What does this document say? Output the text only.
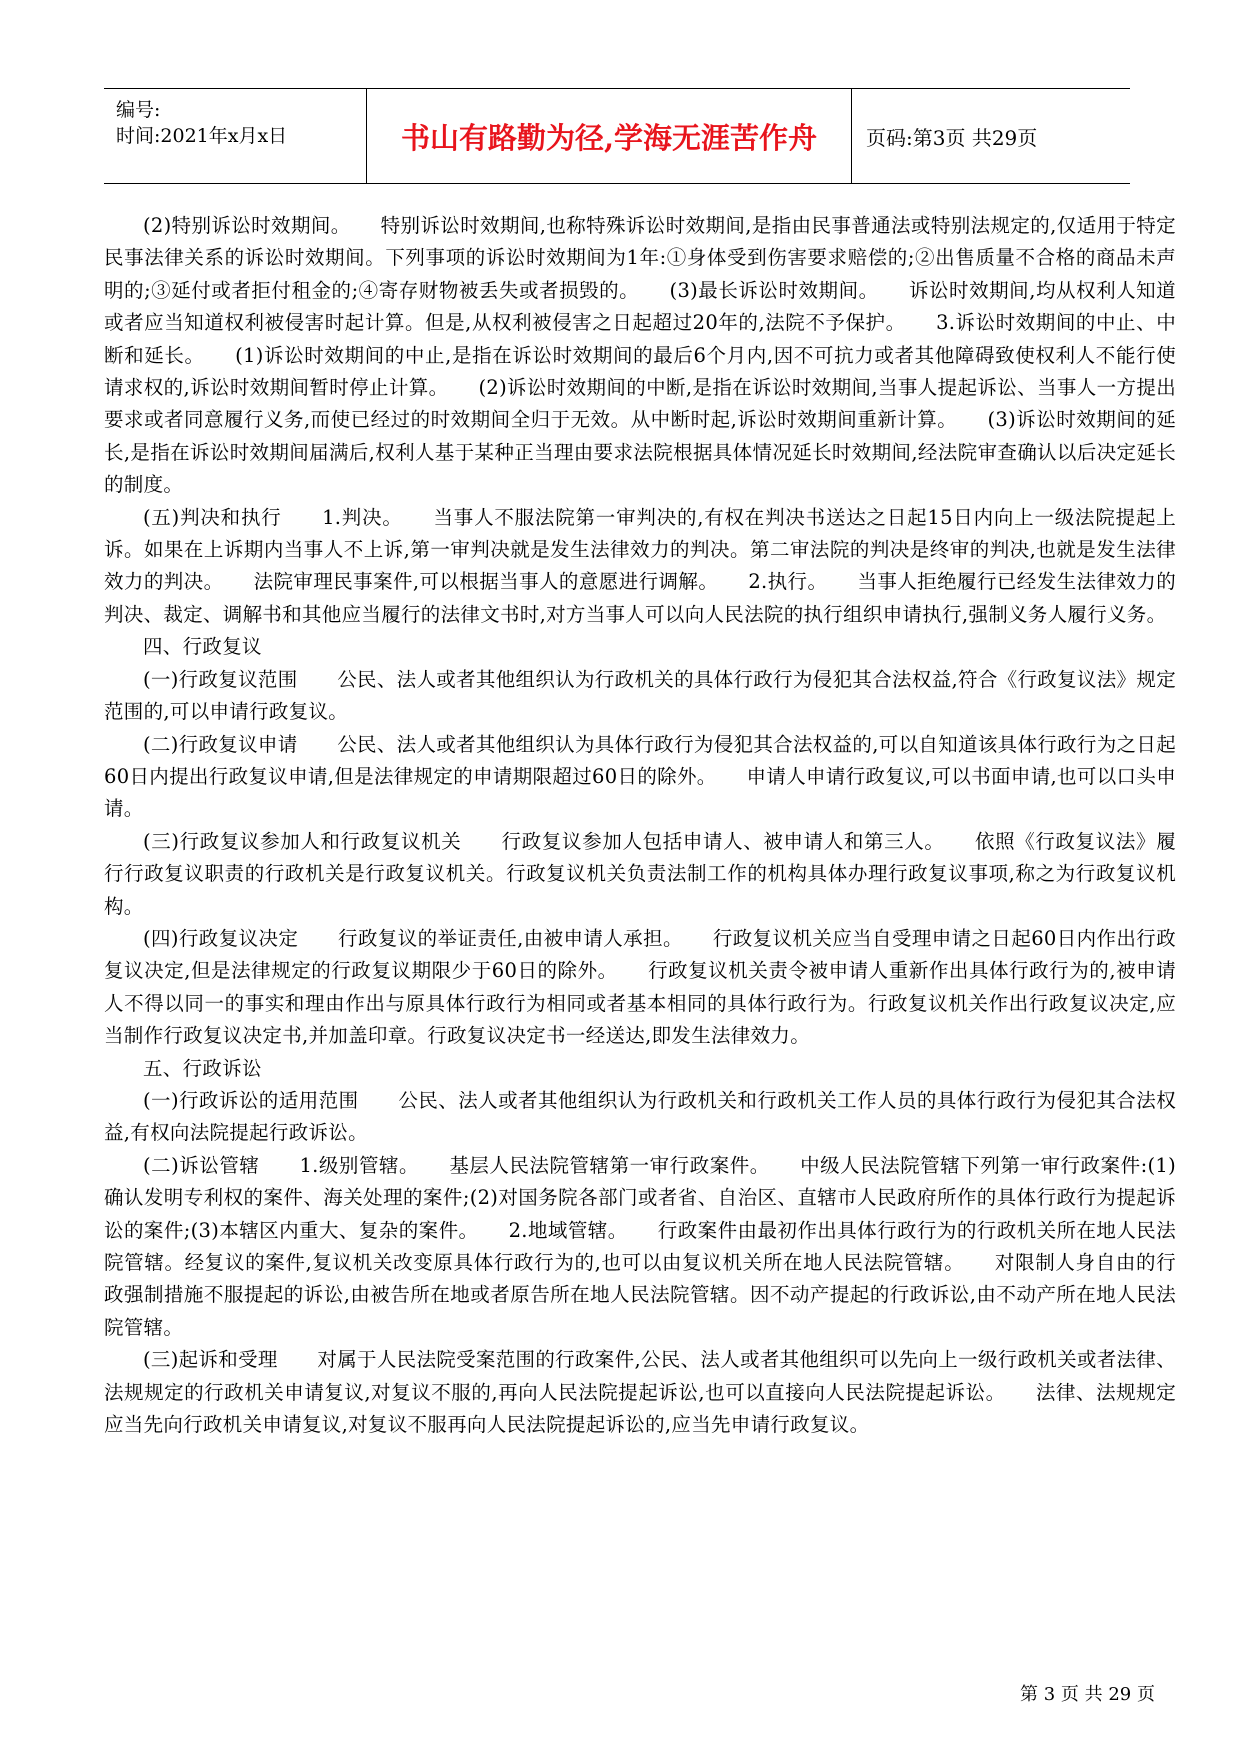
编号:
时间:2021年x月x日	书山有路勤为径,学海无涯苦作舟 页码:第3页 共29页

(2)特别诉讼时效期间。　　特别诉讼时效期间,也称特殊诉讼时效期间,是指由民事普通法或特别法规定的,仅适用于特定民事法律关系的诉讼时效期间。下列事项的诉讼时效期间为1年:①身体受到伤害要求赔偿的;②出售质量不合格的商品未声明的;③延付或者拒付租金的;④寄存财物被丢失或者损毁的。　　(3)最长诉讼时效期间。　　诉讼时效期间,均从权利人知道或者应当知道权利被侵害时起计算。但是,从权利被侵害之日起超过20年的,法院不予保护。　　3.诉讼时效期间的中止、中断和延长。　　(1)诉讼时效期间的中止,是指在诉讼时效期间的最后6个月内,因不可抗力或者其他障碍致使权利人不能行使请求权的,诉讼时效期间暂时停止计算。　　(2)诉讼时效期间的中断,是指在诉讼时效期间,当事人提起诉讼、当事人一方提出要求或者同意履行义务,而使已经过的时效期间全归于无效。从中断时起,诉讼时效期间重新计算。　　(3)诉讼时效期间的延长,是指在诉讼时效期间届满后,权利人基于某种正当理由要求法院根据具体情况延长时效期间,经法院审查确认以后决定延长的制度。

(五)判决和执行　　1.判决。　　当事人不服法院第一审判决的,有权在判决书送达之日起15日内向上一级法院提起上诉。如果在上诉期内当事人不上诉,第一审判决就是发生法律效力的判决。第二审法院的判决是终审的判决,也就是发生法律效力的判决。　　法院审理民事案件,可以根据当事人的意愿进行调解。　　2.执行。　　当事人拒绝履行已经发生法律效力的判决、裁定、调解书和其他应当履行的法律文书时,对方当事人可以向人民法院的执行组织申请执行,强制义务人履行义务。

四、行政复议

(一)行政复议范围　　公民、法人或者其他组织认为行政机关的具体行政行为侵犯其合法权益,符合《行政复议法》规定范围的,可以申请行政复议。

(二)行政复议申请　　公民、法人或者其他组织认为具体行政行为侵犯其合法权益的,可以自知道该具体行政行为之日起60日内提出行政复议申请,但是法律规定的申请期限超过60日的除外。　　申请人申请行政复议,可以书面申请,也可以口头申请。

(三)行政复议参加人和行政复议机关　　行政复议参加人包括申请人、被申请人和第三人。　　依照《行政复议法》履行行政复议职责的行政机关是行政复议机关。行政复议机关负责法制工作的机构具体办理行政复议事项,称之为行政复议机构。

(四)行政复议决定　　行政复议的举证责任,由被申请人承担。　　行政复议机关应当自受理申请之日起60日内作出行政复议决定,但是法律规定的行政复议期限少于60日的除外。　　行政复议机关责令被申请人重新作出具体行政行为的,被申请人不得以同一的事实和理由作出与原具体行政行为相同或者基本相同的具体行政行为。行政复议机关作出行政复议决定,应当制作行政复议决定书,并加盖印章。行政复议决定书一经送达,即发生法律效力。

五、行政诉讼

(一)行政诉讼的适用范围　　公民、法人或者其他组织认为行政机关和行政机关工作人员的具体行政行为侵犯其合法权益,有权向法院提起行政诉讼。

(二)诉讼管辖　　1.级别管辖。　　基层人民法院管辖第一审行政案件。　　中级人民法院管辖下列第一审行政案件:(1)确认发明专利权的案件、海关处理的案件;(2)对国务院各部门或者省、自治区、直辖市人民政府所作的具体行政行为提起诉讼的案件;(3)本辖区内重大、复杂的案件。　　2.地域管辖。　　行政案件由最初作出具体行政行为的行政机关所在地人民法院管辖。经复议的案件,复议机关改变原具体行政行为的,也可以由复议机关所在地人民法院管辖。　　对限制人身自由的行政强制措施不服提起的诉讼,由被告所在地或者原告所在地人民法院管辖。因不动产提起的行政诉讼,由不动产所在地人民法院管辖。

(三)起诉和受理　　对属于人民法院受案范围的行政案件,公民、法人或者其他组织可以先向上一级行政机关或者法律、法规规定的行政机关申请复议,对复议不服的,再向人民法院提起诉讼,也可以直接向人民法院提起诉讼。　　法律、法规规定应当先向行政机关申请复议,对复议不服再向人民法院提起诉讼的,应当先申请行政复议。

第 3 页 共 29 页
